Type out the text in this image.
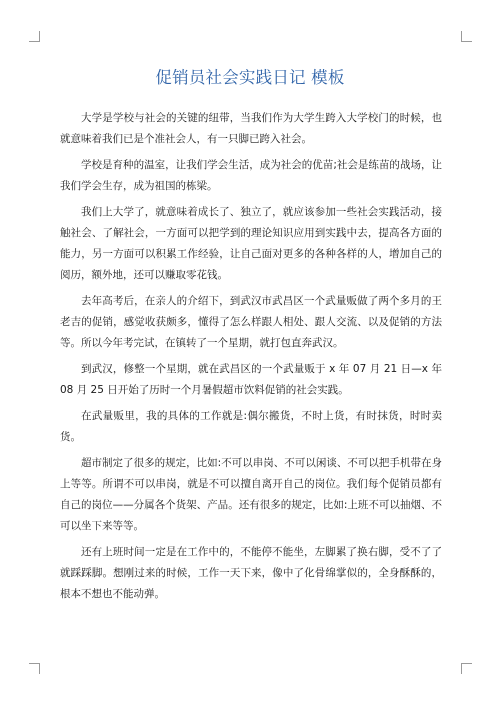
促销员社会实践日记 模板

大学是学校与社会的关键的纽带，当我们作为大学生跨入大学校门的时候，也就意味着我们已是个准社会人，有一只脚已跨入社会。

学校是育种的温室，让我们学会生活，成为社会的优苗;社会是练苗的战场，让我们学会生存，成为祖国的栋梁。

我们上大学了，就意味着成长了、独立了，就应该参加一些社会实践活动，接触社会、了解社会，一方面可以把学到的理论知识应用到实践中去，提高各方面的能力，另一方面可以积累工作经验，让自己面对更多的各种各样的人，增加自己的阅历，额外地，还可以赚取零花钱。

去年高考后，在亲人的介绍下，到武汉市武昌区一个武量贩做了两个多月的王老吉的促销，感觉收获颇多，懂得了怎么样跟人相处、跟人交流、以及促销的方法等。所以今年考完试，在镇转了一个星期，就打包直奔武汉。

到武汉，修整一个星期，就在武昌区的一个武量贩于 x 年 07 月 21 日—x 年 08 月 25 日开始了历时一个月暑假超市饮料促销的社会实践。

在武量贩里，我的具体的工作就是:偶尔搬货，不时上货，有时抹货，时时卖货。

超市制定了很多的规定，比如:不可以串岗、不可以闲谈、不可以把手机带在身上等等。所谓不可以串岗，就是不可以擅自离开自己的岗位。我们每个促销员都有自己的岗位——分属各个货架、产品。还有很多的规定，比如:上班不可以抽烟、不可以坐下来等等。

还有上班时间一定是在工作中的，不能停不能坐，左脚累了换右脚，受不了了就踩踩脚。想刚过来的时候，工作一天下来，像中了化骨绵掌似的，全身酥酥的，根本不想也不能动弹。
